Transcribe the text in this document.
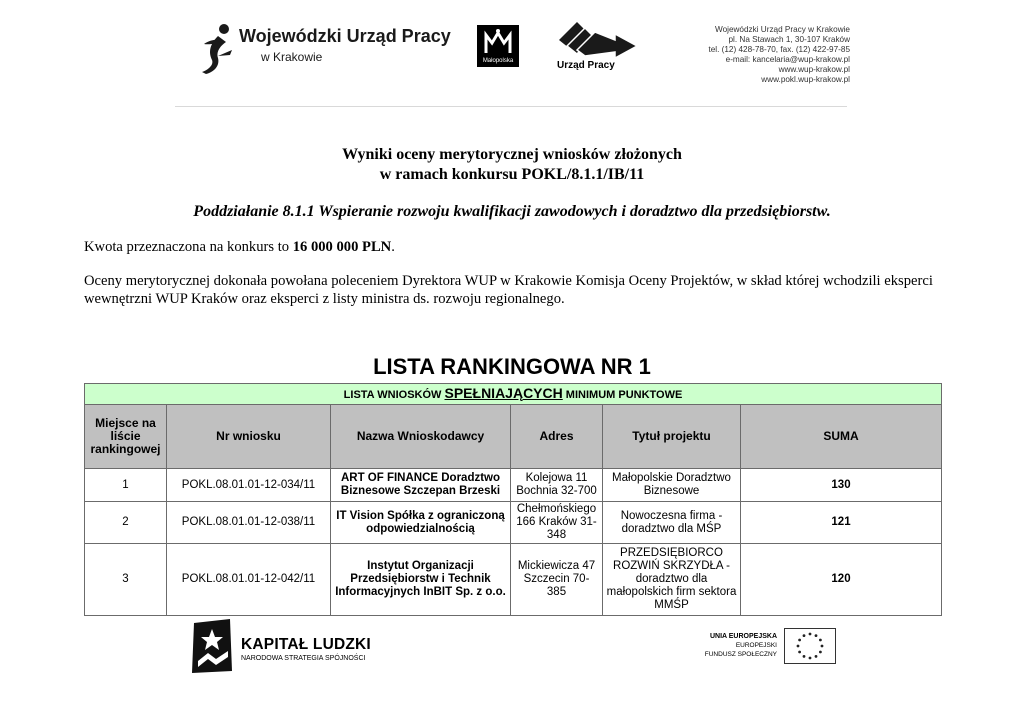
Wojewódzki Urząd Pracy
w Krakowie	Małopolska	Urząd Pracy
Wojewódzki Urząd Pracy w Krakowie
pl. Na Stawach 1, 30-107 Kraków
tel. (12) 428-78-70, fax. (12) 422-97-85
e-mail: kancelaria@wup-krakow.pl
www.wup-krakow.pl
www.pokl.wup-krakow.pl
Wyniki oceny merytorycznej wniosków złożonych
w ramach konkursu POKL/8.1.1/IB/11
Poddziałanie 8.1.1 Wspieranie rozwoju kwalifikacji zawodowych i doradztwo dla przedsiębiorstw.
Kwota przeznaczona na konkurs to 16 000 000 PLN.
Oceny merytorycznej dokonała powołana poleceniem Dyrektora WUP w Krakowie Komisja Oceny Projektów, w skład której wchodzili eksperci wewnętrzni WUP Kraków oraz eksperci z listy ministra ds. rozwoju regionalnego.
LISTA RANKINGOWA NR 1
LISTA WNIOSKÓW SPEŁNIAJĄCYCH MINIMUM PUNKTOWE					
Miejsce na liście rankingowej	Nr wniosku	Nazwa Wnioskodawcy	Adres	Tytuł projektu	SUMA
1	POKL.08.01.01-12-034/11	ART OF FINANCE Doradztwo Biznesowe Szczepan Brzeski	Kolejowa 11 Bochnia 32-700	Małopolskie Doradztwo Biznesowe	130
2	POKL.08.01.01-12-038/11	IT Vision Spółka z ograniczoną odpowiedzialnością	Chełmońskiego 166 Kraków 31-348	Nowoczesna firma - doradztwo dla MŚP	121
3	POKL.08.01.01-12-042/11	Instytut Organizacji Przedsiębiorstw i Technik Informacyjnych InBIT Sp. z o.o.	Mickiewicza 47 Szczecin 70-385	PRZEDSIĘBIORCO ROZWIŃ SKRZYDŁA - doradztwo dla małopolskich firm sektora MMŚP	120
KAPITAŁ LUDZKI
NARODOWA STRATEGIA SPÓJNOŚCI
UNIA EUROPEJSKA
EUROPEJSKI
FUNDUSZ SPOŁECZNY
